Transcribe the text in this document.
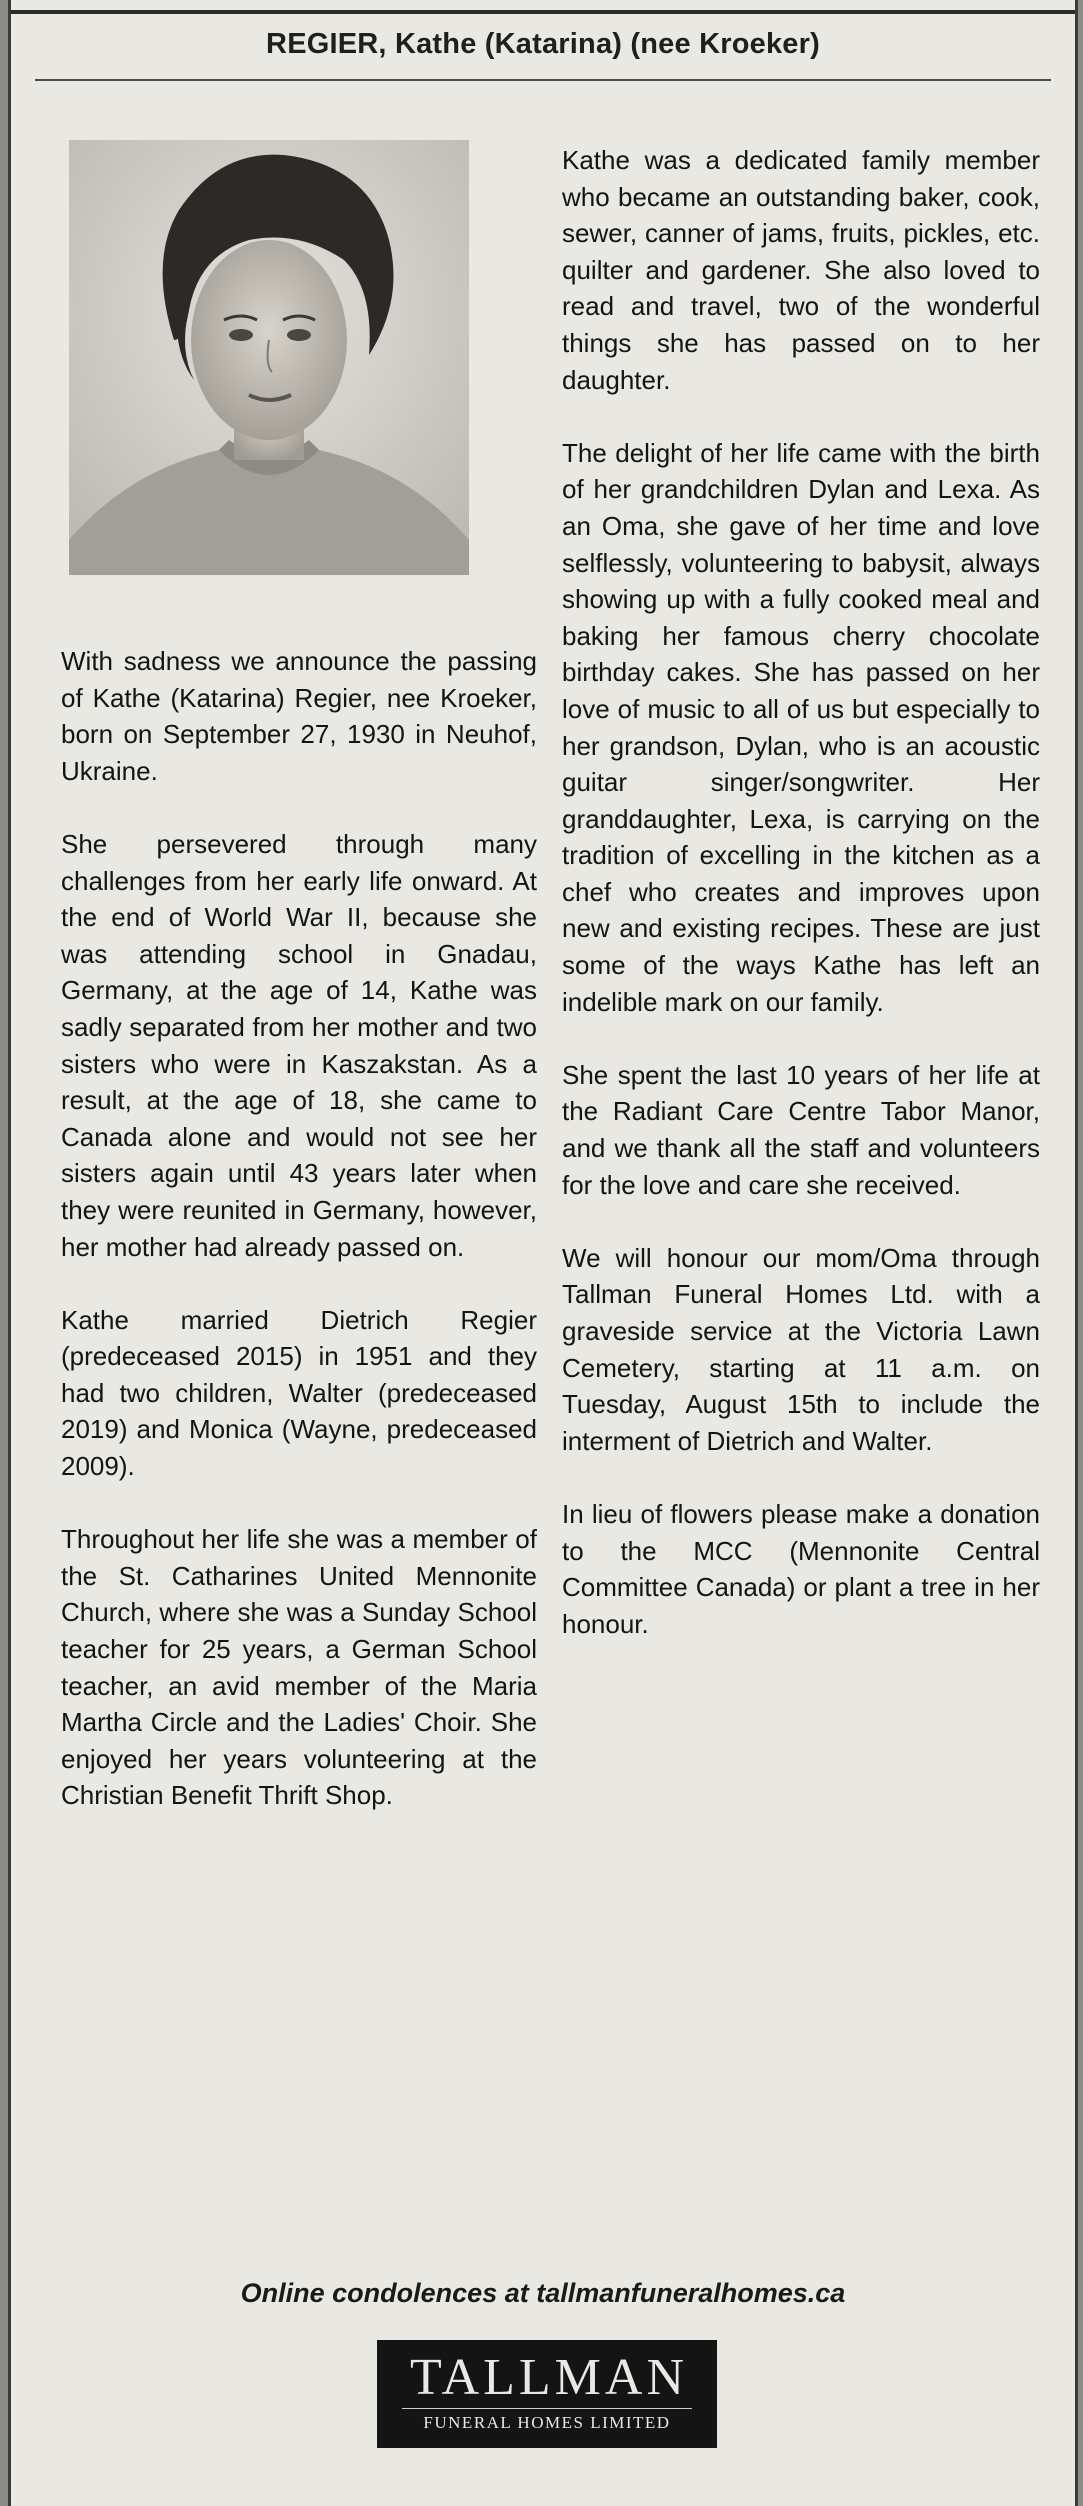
REGIER, Kathe (Katarina) (nee Kroeker)

With sadness we announce the passing of Kathe (Katarina) Regier, nee Kroeker, born on September 27, 1930 in Neuhof, Ukraine.

She persevered through many challenges from her early life onward. At the end of World War II, because she was attending school in Gnadau, Germany, at the age of 14, Kathe was sadly separated from her mother and two sisters who were in Kaszakstan. As a result, at the age of 18, she came to Canada alone and would not see her sisters again until 43 years later when they were reunited in Germany, however, her mother had already passed on.

Kathe married Dietrich Regier (predeceased 2015) in 1951 and they had two children, Walter (predeceased 2019) and Monica (Wayne, predeceased 2009).

Throughout her life she was a member of the St. Catharines United Mennonite Church, where she was a Sunday School teacher for 25 years, a German School teacher, an avid member of the Maria Martha Circle and the Ladies' Choir. She enjoyed her years volunteering at the Christian Benefit Thrift Shop.

Kathe was a dedicated family member who became an outstanding baker, cook, sewer, canner of jams, fruits, pickles, etc. quilter and gardener. She also loved to read and travel, two of the wonderful things she has passed on to her daughter.

The delight of her life came with the birth of her grandchildren Dylan and Lexa. As an Oma, she gave of her time and love selflessly, volunteering to babysit, always showing up with a fully cooked meal and baking her famous cherry chocolate birthday cakes. She has passed on her love of music to all of us but especially to her grandson, Dylan, who is an acoustic guitar singer/songwriter. Her granddaughter, Lexa, is carrying on the tradition of excelling in the kitchen as a chef who creates and improves upon new and existing recipes. These are just some of the ways Kathe has left an indelible mark on our family.

She spent the last 10 years of her life at the Radiant Care Centre Tabor Manor, and we thank all the staff and volunteers for the love and care she received.

We will honour our mom/Oma through Tallman Funeral Homes Ltd. with a graveside service at the Victoria Lawn Cemetery, starting at 11 a.m. on Tuesday, August 15th to include the interment of Dietrich and Walter.

In lieu of flowers please make a donation to the MCC (Mennonite Central Committee Canada) or plant a tree in her honour.

Online condolences at tallmanfuneralhomes.ca
TALLMAN
FUNERAL HOMES LIMITED
